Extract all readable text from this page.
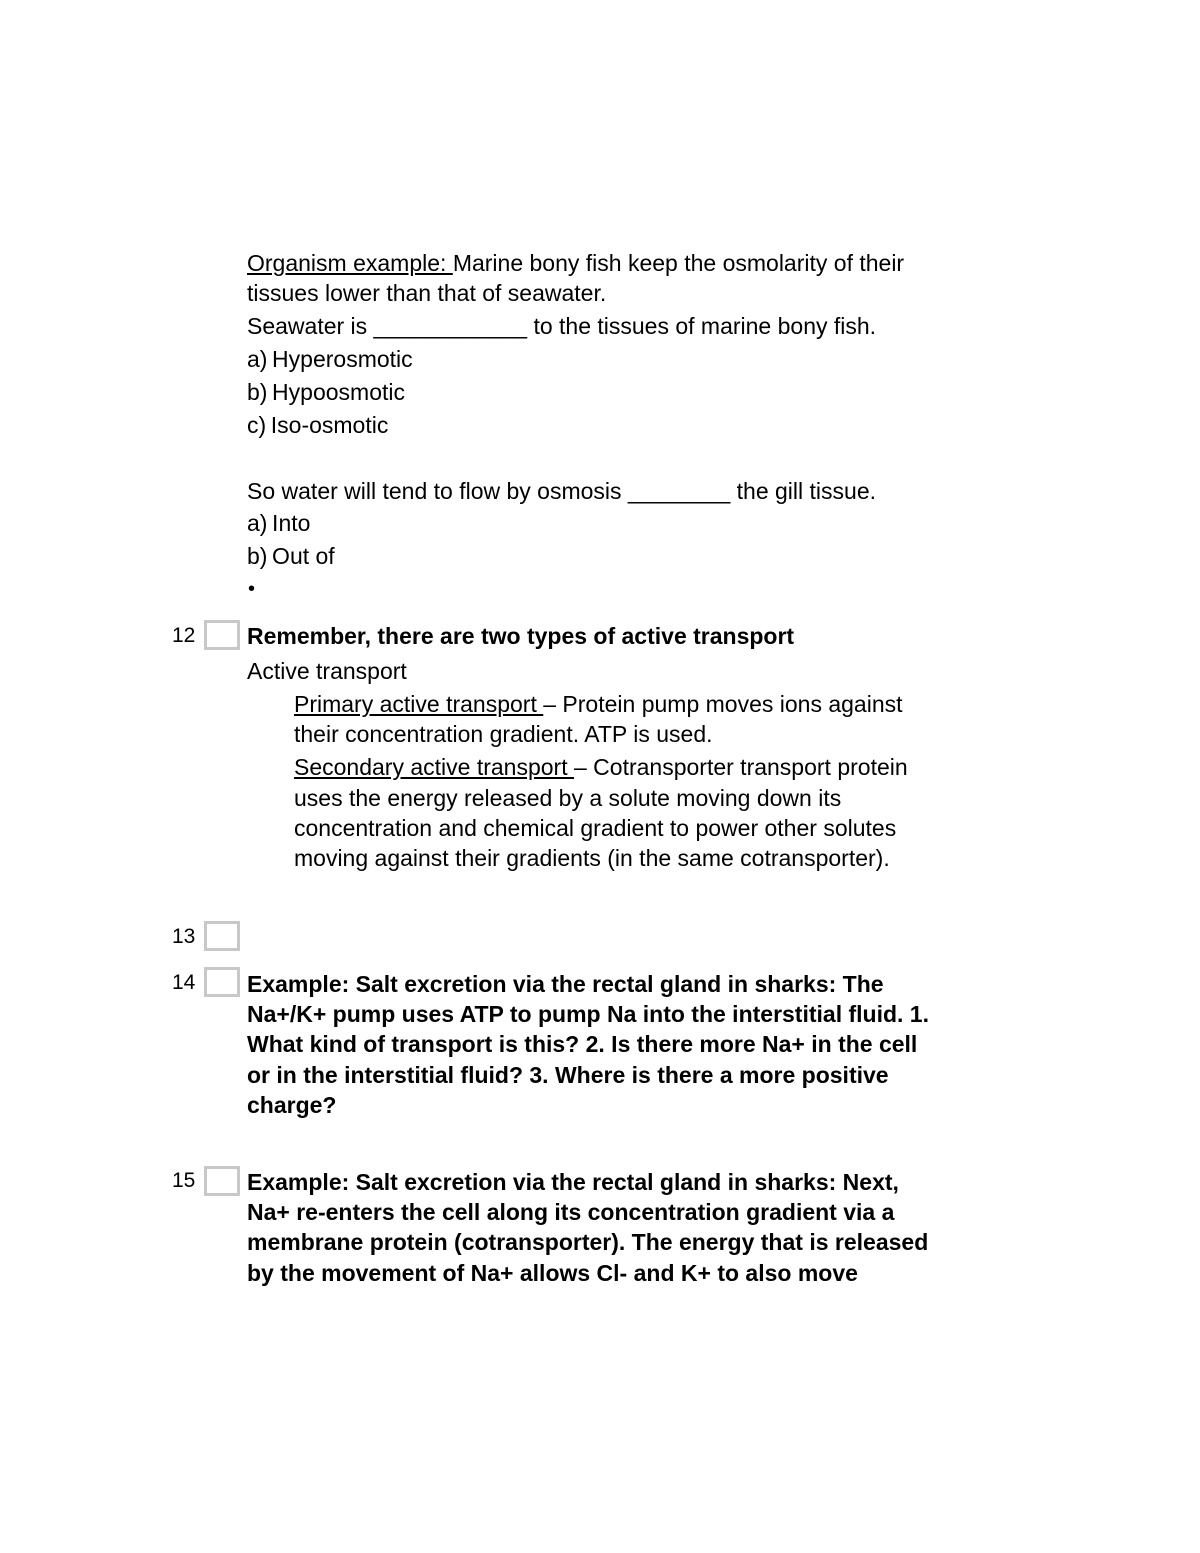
Organism example: Marine bony fish keep the osmolarity of their
tissues lower than that of seawater.
Seawater is ____________ to the tissues of marine bony fish.
a) Hyperosmotic
b) Hypoosmotic
c) Iso-osmotic
So water will tend to flow by osmosis ________ the gill tissue.
a) Into
b) Out of
•
12 Remember, there are two types of active transport
Active transport
Primary active transport – Protein pump moves ions against
their concentration gradient. ATP is used.
Secondary active transport – Cotransporter transport protein
uses the energy released by a solute moving down its
concentration and chemical gradient to power other solutes
moving against their gradients (in the same cotransporter).
13
14 Example: Salt excretion via the rectal gland in sharks: The
Na+/K+ pump uses ATP to pump Na into the interstitial fluid. 1.
What kind of transport is this? 2. Is there more Na+ in the cell
or in the interstitial fluid? 3. Where is there a more positive
charge?
15 Example: Salt excretion via the rectal gland in sharks: Next,
Na+ re-enters the cell along its concentration gradient via a
membrane protein (cotransporter). The energy that is released
by the movement of Na+ allows Cl- and K+ to also move
